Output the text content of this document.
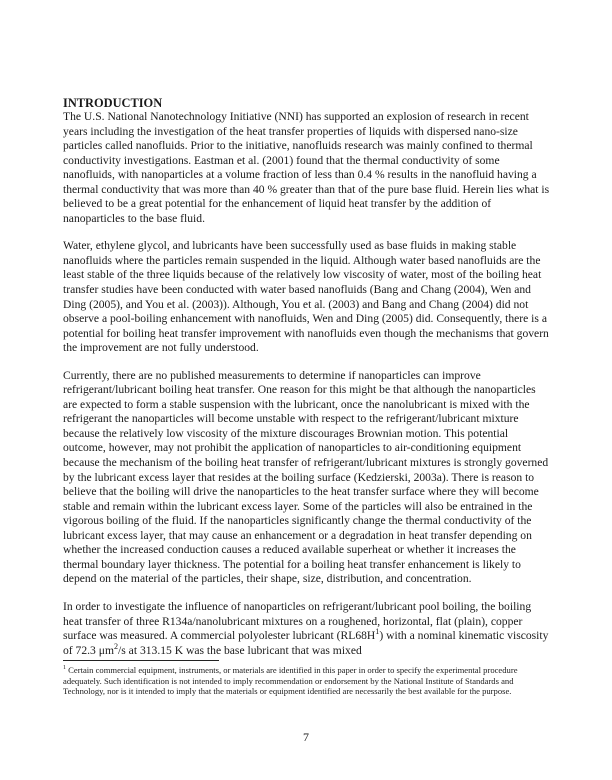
INTRODUCTION

The U.S. National Nanotechnology Initiative (NNI) has supported an explosion of research in recent years including the investigation of the heat transfer properties of liquids with dispersed nano-size particles called nanofluids. Prior to the initiative, nanofluids research was mainly confined to thermal conductivity investigations. Eastman et al. (2001) found that the thermal conductivity of some nanofluids, with nanoparticles at a volume fraction of less than 0.4 % results in the nanofluid having a thermal conductivity that was more than 40 % greater than that of the pure base fluid. Herein lies what is believed to be a great potential for the enhancement of liquid heat transfer by the addition of nanoparticles to the base fluid.

Water, ethylene glycol, and lubricants have been successfully used as base fluids in making stable nanofluids where the particles remain suspended in the liquid. Although water based nanofluids are the least stable of the three liquids because of the relatively low viscosity of water, most of the boiling heat transfer studies have been conducted with water based nanofluids (Bang and Chang (2004), Wen and Ding (2005), and You et al. (2003)). Although, You et al. (2003) and Bang and Chang (2004) did not observe a pool-boiling enhancement with nanofluids, Wen and Ding (2005) did. Consequently, there is a potential for boiling heat transfer improvement with nanofluids even though the mechanisms that govern the improvement are not fully understood.

Currently, there are no published measurements to determine if nanoparticles can improve refrigerant/lubricant boiling heat transfer. One reason for this might be that although the nanoparticles are expected to form a stable suspension with the lubricant, once the nanolubricant is mixed with the refrigerant the nanoparticles will become unstable with respect to the refrigerant/lubricant mixture because the relatively low viscosity of the mixture discourages Brownian motion. This potential outcome, however, may not prohibit the application of nanoparticles to air-conditioning equipment because the mechanism of the boiling heat transfer of refrigerant/lubricant mixtures is strongly governed by the lubricant excess layer that resides at the boiling surface (Kedzierski, 2003a). There is reason to believe that the boiling will drive the nanoparticles to the heat transfer surface where they will become stable and remain within the lubricant excess layer. Some of the particles will also be entrained in the vigorous boiling of the fluid. If the nanoparticles significantly change the thermal conductivity of the lubricant excess layer, that may cause an enhancement or a degradation in heat transfer depending on whether the increased conduction causes a reduced available superheat or whether it increases the thermal boundary layer thickness. The potential for a boiling heat transfer enhancement is likely to depend on the material of the particles, their shape, size, distribution, and concentration.

In order to investigate the influence of nanoparticles on refrigerant/lubricant pool boiling, the boiling heat transfer of three R134a/nanolubricant mixtures on a roughened, horizontal, flat (plain), copper surface was measured. A commercial polyolester lubricant $(RL68H^1)$ with a nominal kinematic viscosity of 72.3 $\mu m^2/s$ at 313.15 K was the base lubricant that was mixed

$^1$ Certain commercial equipment, instruments, or materials are identified in this paper in order to specify the experimental procedure adequately. Such identification is not intended to imply recommendation or endorsement by the National Institute of Standards and Technology, nor is it intended to imply that the materials or equipment identified are necessarily the best available for the purpose.

7
